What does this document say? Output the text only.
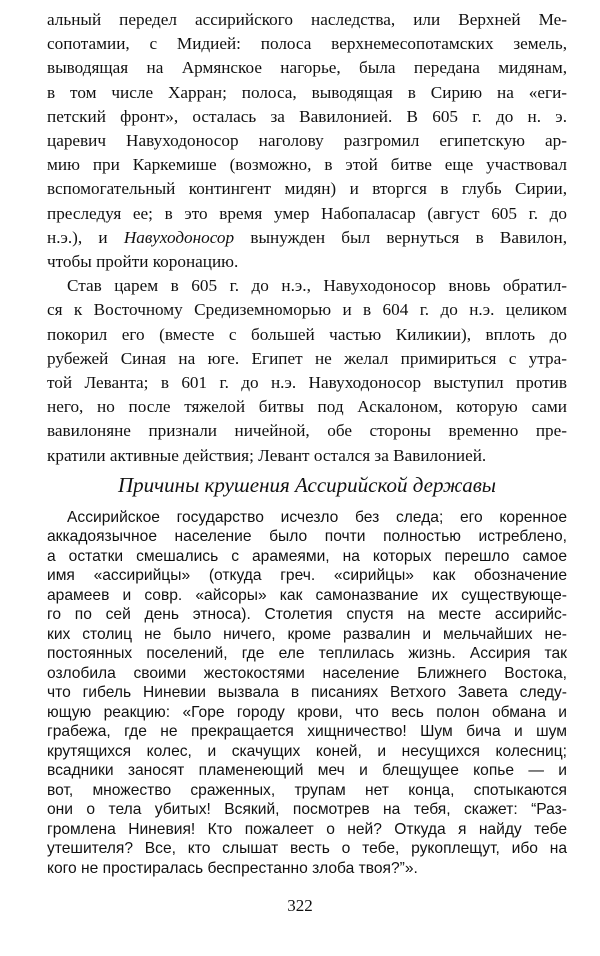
альный передел ассирийского наследства, или Верхней Ме-
сопотамии, с Мидией: полоса верхнемесопотамских земель,
выводящая на Армянское нагорье, была передана мидянам,
в том числе Харран; полоса, выводящая в Сирию на «еги-
петский фронт», осталась за Вавилонией. В 605 г. до н. э.
царевич Навуходоносор наголову разгромил египетскую ар-
мию при Каркемише (возможно, в этой битве еще участвовал
вспомогательный контингент мидян) и вторгся в глубь Сирии,
преследуя ее; в это время умер Набопаласар (август 605 г. до
н.э.), и Навуходоносор вынужден был вернуться в Вавилон,
чтобы пройти коронацию.
Став царем в 605 г. до н.э., Навуходоносор вновь обратил-
ся к Восточному Средиземноморью и в 604 г. до н.э. целиком
покорил его (вместе с большей частью Киликии), вплоть до
рубежей Синая на юге. Египет не желал примириться с утра-
той Леванта; в 601 г. до н.э. Навуходоносор выступил против
него, но после тяжелой битвы под Аскалоном, которую сами
вавилоняне признали ничейной, обе стороны временно пре-
кратили активные действия; Левант остался за Вавилонией.
Причины крушения Ассирийской державы
Ассирийское государство исчезло без следа; его коренное
аккадоязычное население было почти полностью истреблено,
а остатки смешались с арамеями, на которых перешло самое
имя «ассирийцы» (откуда греч. «сирийцы» как обозначение
арамеев и совр. «айсоры» как самоназвание их существующе-
го по сей день этноса). Столетия спустя на месте ассирийс-
ких столиц не было ничего, кроме развалин и мельчайших не-
постоянных поселений, где еле теплилась жизнь. Ассирия так
озлобила своими жестокостями население Ближнего Востока,
что гибель Ниневии вызвала в писаниях Ветхого Завета следу-
ющую реакцию: «Горе городу крови, что весь полон обмана и
грабежа, где не прекращается хищничество! Шум бича и шум
крутящихся колес, и скачущих коней, и несущихся колесниц;
всадники заносят пламенеющий меч и блещущее копье — и
вот, множество сраженных, трупам нет конца, спотыкаются
они о тела убитых! Всякий, посмотрев на тебя, скажет: “Раз-
громлена Ниневия! Кто пожалеет о ней? Откуда я найду тебе
утешителя? Все, кто слышат весть о тебе, рукоплещут, ибо на
кого не простиралась беспрестанно злоба твоя?”».
322
